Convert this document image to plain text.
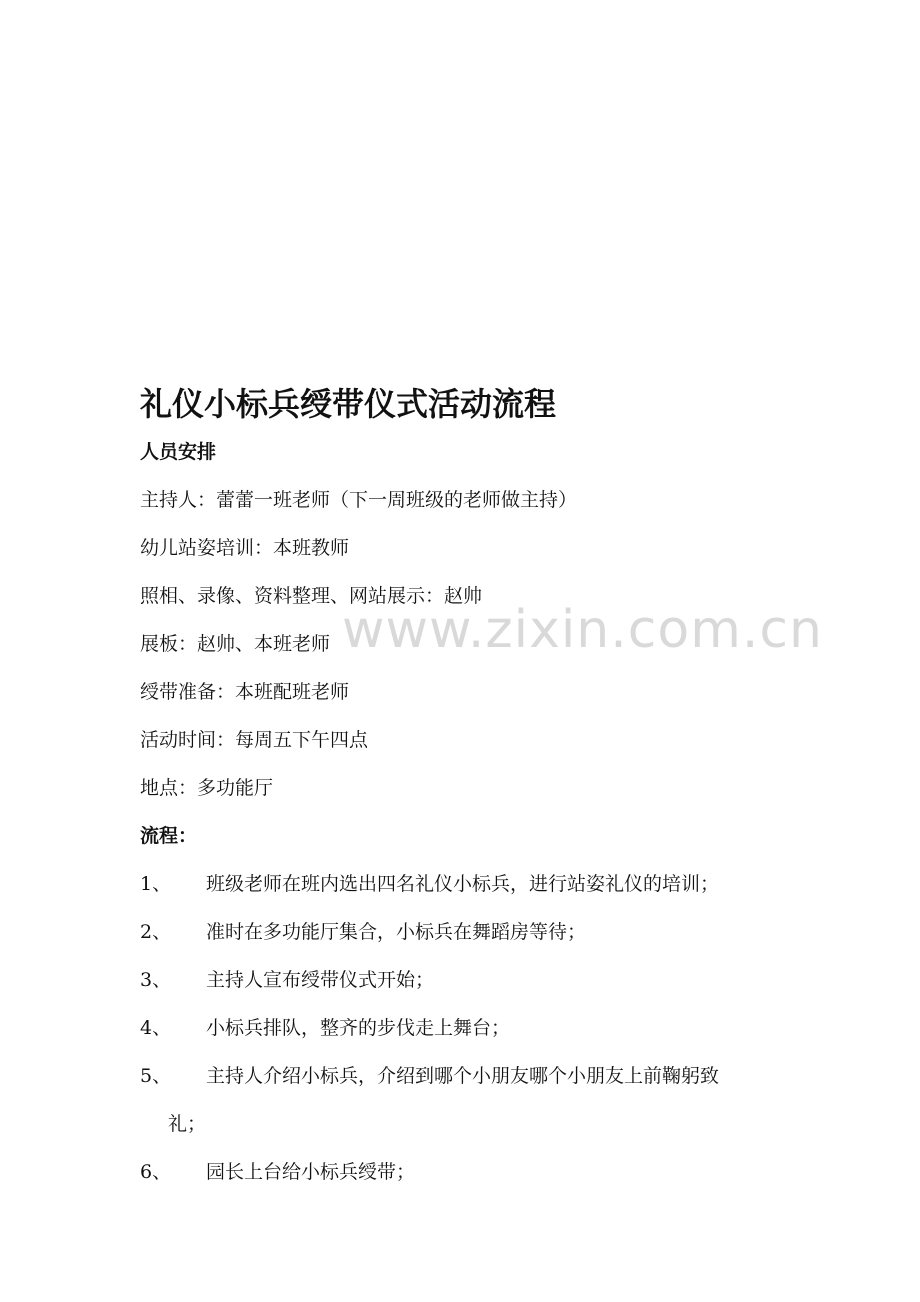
www.zixin.com.cn
礼仪小标兵绶带仪式活动流程
人员安排
主持人：蕾蕾一班老师（下一周班级的老师做主持）
幼儿站姿培训：本班教师
照相、录像、资料整理、网站展示：赵帅
展板：赵帅、本班老师
绶带准备：本班配班老师
活动时间：每周五下午四点
地点：多功能厅
流程：
1、	班级老师在班内选出四名礼仪小标兵，进行站姿礼仪的培训；
2、	准时在多功能厅集合，小标兵在舞蹈房等待；
3、	主持人宣布绶带仪式开始；
4、	小标兵排队，整齐的步伐走上舞台；
5、	主持人介绍小标兵，介绍到哪个小朋友哪个小朋友上前鞠躬致
礼；
6、	园长上台给小标兵绶带；
